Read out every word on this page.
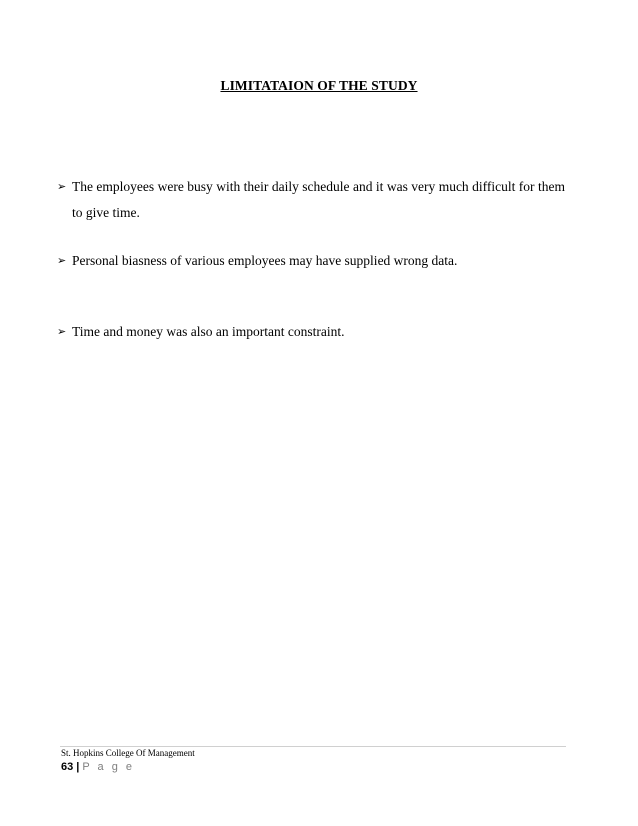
LIMITATAION OF THE STUDY
➢ The employees were busy with their daily schedule and it was very much difficult for them to give time.
➢ Personal biasness of various employees may have supplied wrong data.
➢ Time and money was also an important constraint.
St. Hopkins College Of Management
63 | P a g e
